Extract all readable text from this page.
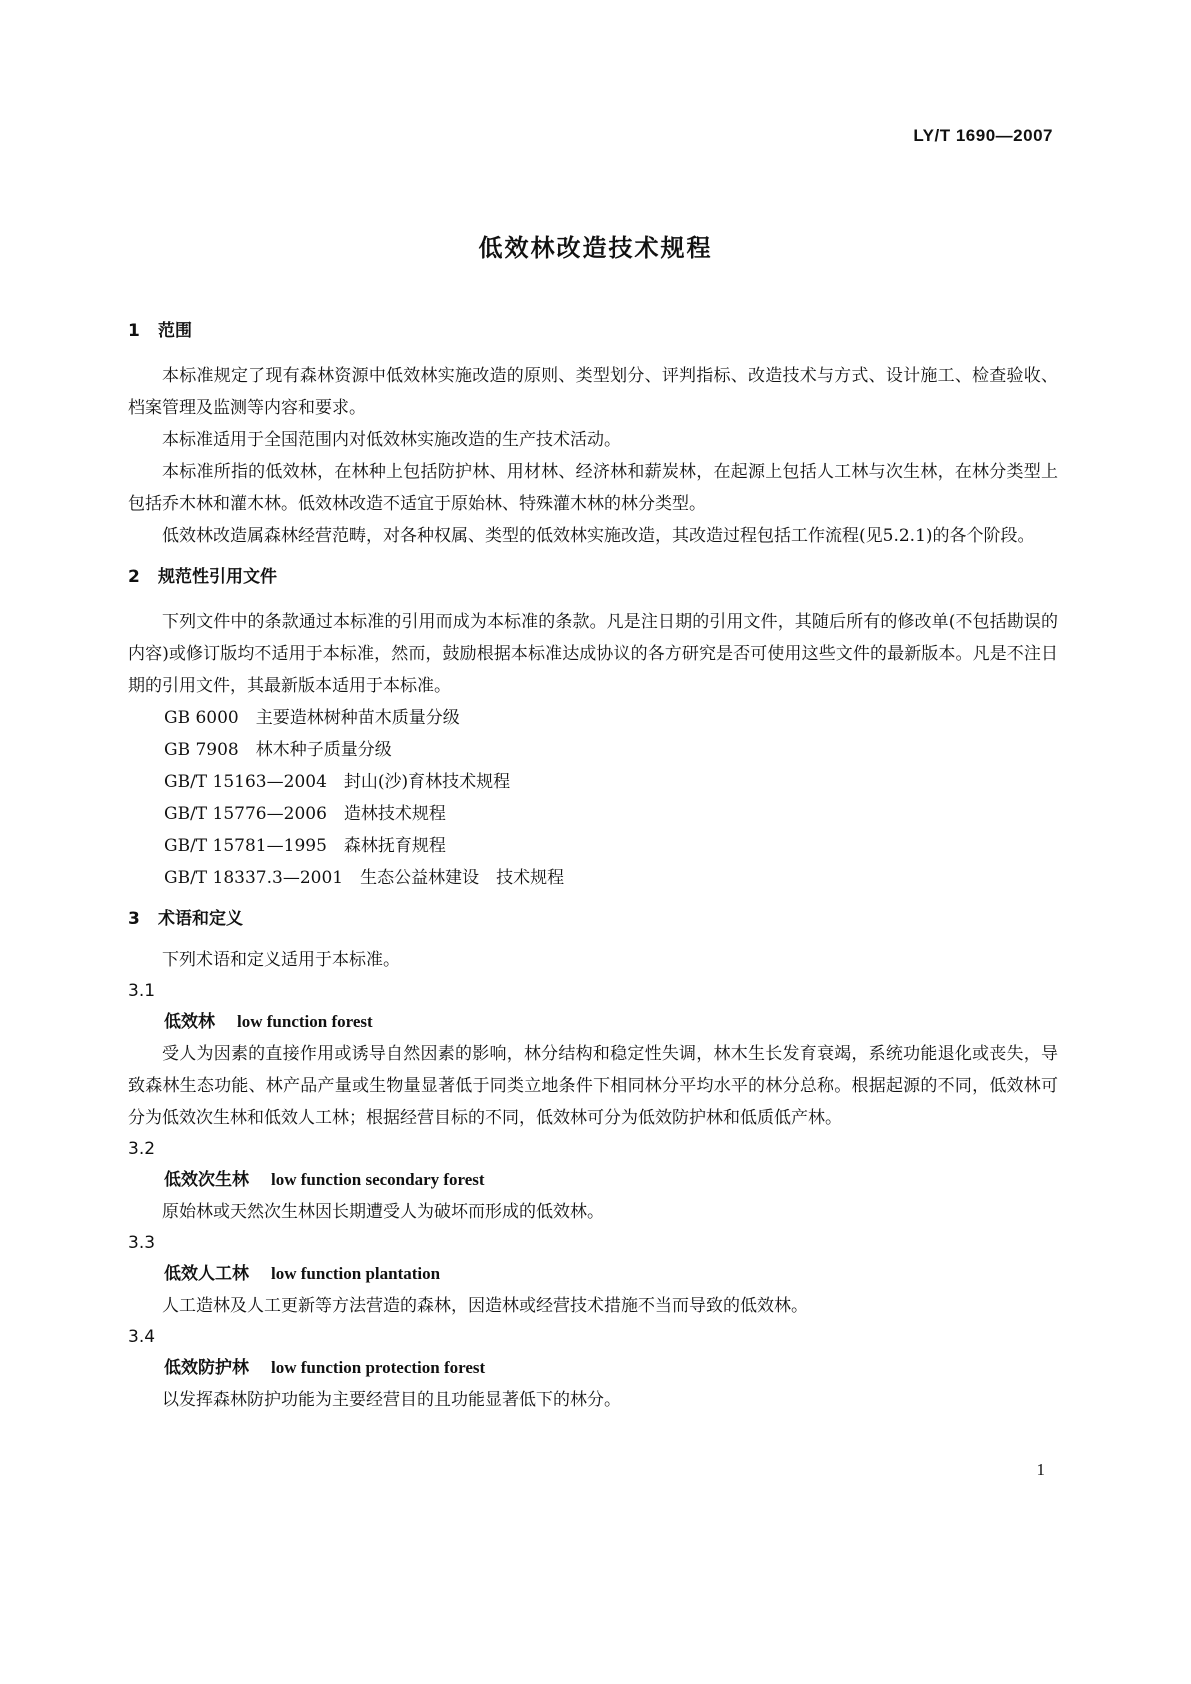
LY/T 1690—2007
低效林改造技术规程
1 范围

本标准规定了现有森林资源中低效林实施改造的原则、类型划分、评判指标、改造技术与方式、设计施工、检查验收、档案管理及监测等内容和要求。

本标准适用于全国范围内对低效林实施改造的生产技术活动。

本标准所指的低效林，在林种上包括防护林、用材林、经济林和薪炭林，在起源上包括人工林与次生林，在林分类型上包括乔木林和灌木林。低效林改造不适宜于原始林、特殊灌木林的林分类型。

低效林改造属森林经营范畴，对各种权属、类型的低效林实施改造，其改造过程包括工作流程(见5.2.1)的各个阶段。

2 规范性引用文件

下列文件中的条款通过本标准的引用而成为本标准的条款。凡是注日期的引用文件，其随后所有的修改单(不包括勘误的内容)或修订版均不适用于本标准，然而，鼓励根据本标准达成协议的各方研究是否可使用这些文件的最新版本。凡是不注日期的引用文件，其最新版本适用于本标准。

GB 6000　主要造林树种苗木质量分级

GB 7908　林木种子质量分级

GB/T 15163—2004　封山(沙)育林技术规程

GB/T 15776—2006　造林技术规程

GB/T 15781—1995　森林抚育规程

GB/T 18337.3—2001　生态公益林建设　技术规程

3 术语和定义

下列术语和定义适用于本标准。

3.1

低效林 low function forest

受人为因素的直接作用或诱导自然因素的影响，林分结构和稳定性失调，林木生长发育衰竭，系统功能退化或丧失，导致森林生态功能、林产品产量或生物量显著低于同类立地条件下相同林分平均水平的林分总称。根据起源的不同，低效林可分为低效次生林和低效人工林；根据经营目标的不同，低效林可分为低效防护林和低质低产林。

3.2

低效次生林 low function secondary forest

原始林或天然次生林因长期遭受人为破坏而形成的低效林。

3.3

低效人工林 low function plantation

人工造林及人工更新等方法营造的森林，因造林或经营技术措施不当而导致的低效林。

3.4

低效防护林 low function protection forest

以发挥森林防护功能为主要经营目的且功能显著低下的林分。

1
